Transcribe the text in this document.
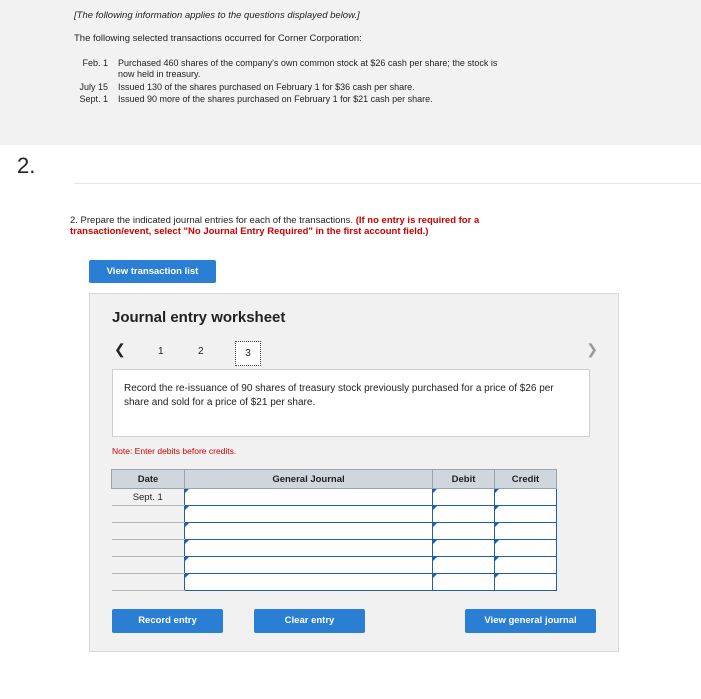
[The following information applies to the questions displayed below.]
The following selected transactions occurred for Corner Corporation:
Feb. 1 Purchased 460 shares of the company's own common stock at $26 cash per share; the stock is
now held in treasury.
July 15 Issued 130 of the shares purchased on February 1 for $36 cash per share.
Sept. 1 Issued 90 more of the shares purchased on February 1 for $21 cash per share.
2.
2. Prepare the indicated journal entries for each of the transactions. (If no entry is required for a transaction/event, select "No Journal Entry Required" in the first account field.)
View transaction list
Journal entry worksheet
❮	1	2	3	❯
Record the re-issuance of 90 shares of treasury stock previously purchased for a price of $26 per share and sold for a price of $21 per share.
Note: Enter debits before credits.
Date	General Journal	Debit	Credit
Sept. 1			

Record entry	Clear entry	View general journal
